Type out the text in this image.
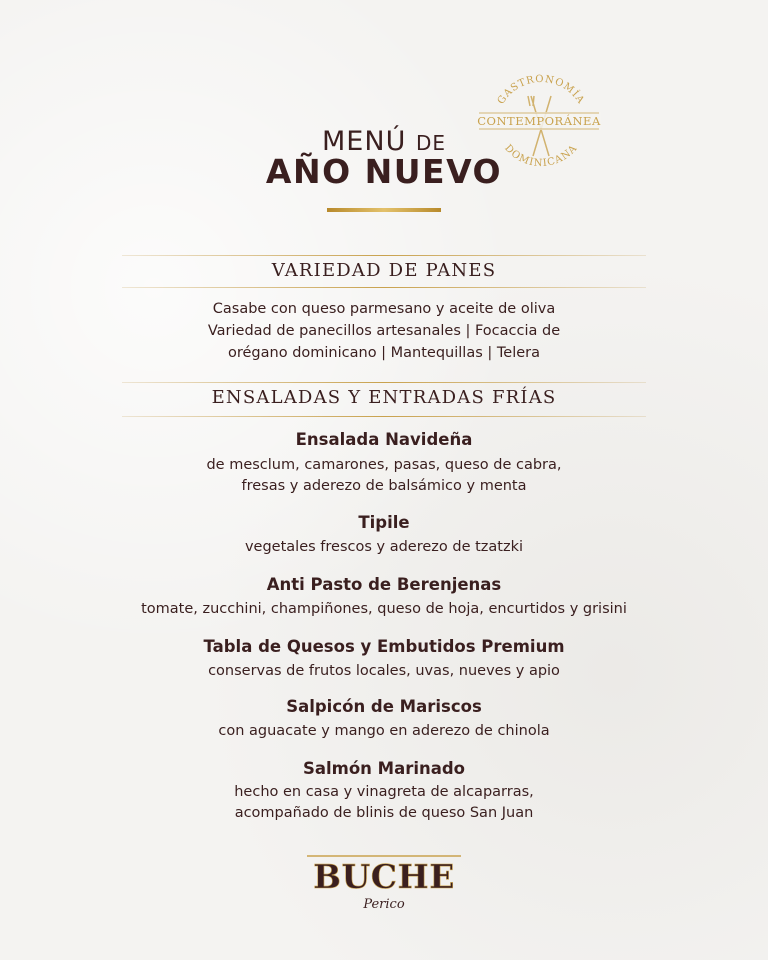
MENÚ DE
AÑO NUEVO
GASTRONOMÍA
CONTEMPORÁNEA
DOMINICANA
VARIEDAD DE PANES
Casabe con queso parmesano y aceite de oliva
Variedad de panecillos artesanales | Focaccia de
orégano dominicano | Mantequillas | Telera
ENSALADAS Y ENTRADAS FRÍAS
Ensalada Navideña
de mesclum, camarones, pasas, queso de cabra,
fresas y aderezo de balsámico y menta
Tipile
vegetales frescos y aderezo de tzatzki
Anti Pasto de Berenjenas
tomate, zucchini, champiñones, queso de hoja, encurtidos y grisini
Tabla de Quesos y Embutidos Premium
conservas de frutos locales, uvas, nueves y apio
Salpicón de Mariscos
con aguacate y mango en aderezo de chinola
Salmón Marinado
hecho en casa y vinagreta de alcaparras,
acompañado de blinis de queso San Juan
BUCHE
Perico
